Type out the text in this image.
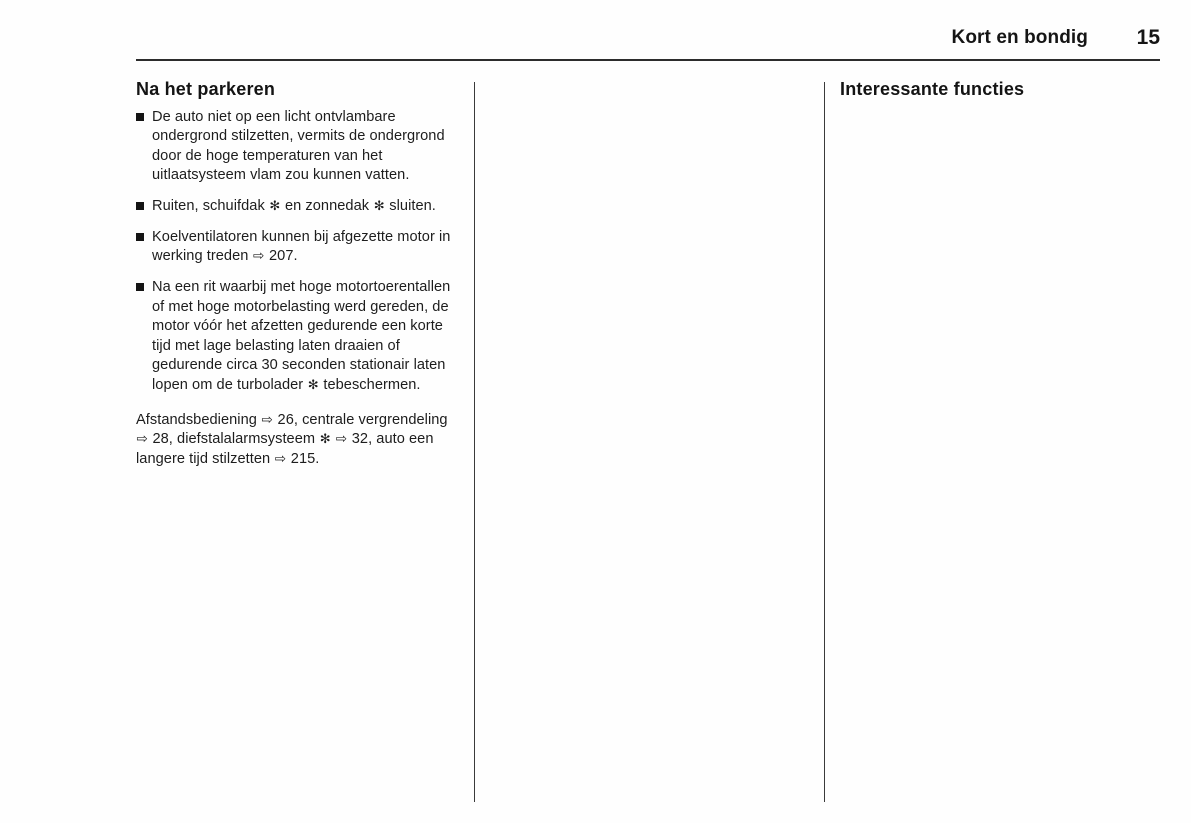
Kort en bondig 15
Na het parkeren
De auto niet op een licht ontvlambare ondergrond stilzetten, vermits de ondergrond door de hoge temperaturen van het uitlaatsysteem vlam zou kunnen vatten.
Ruiten, schuifdak ✻ en zonnedak ✻ sluiten.
Koelventilatoren kunnen bij afgezette motor in werking treden ⇨ 207.
Na een rit waarbij met hoge motortoerentallen of met hoge motorbelasting werd gereden, de motor vóór het afzetten gedurende een korte tijd met lage belasting laten draaien of gedurende circa 30 seconden stationair laten lopen om de turbolader ✻ tebeschermen.

Afstandsbediening ⇨ 26, centrale vergrendeling ⇨ 28, diefstalalarmsysteem ✻ ⇨ 32, auto een langere tijd stilzetten ⇨ 215.

Interessante functies
